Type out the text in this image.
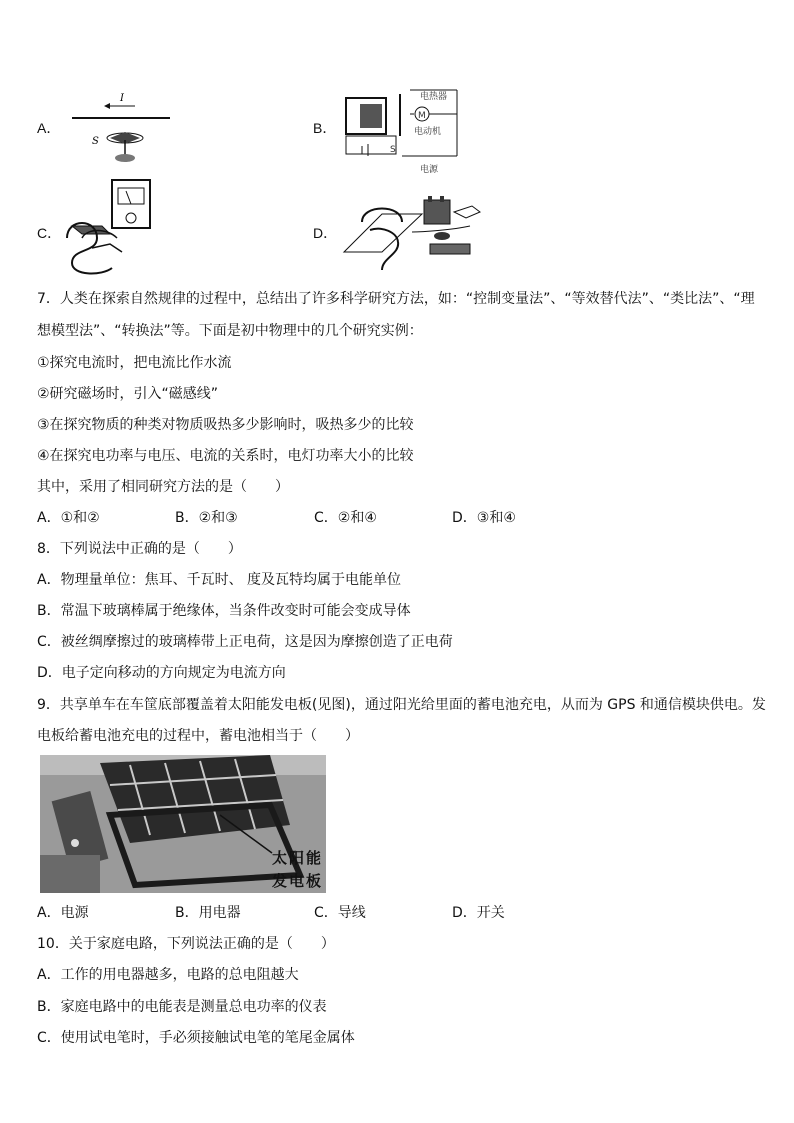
A．
I
S
B．
M
电热器
电动机
电源
S
C．	D．
7．人类在探索自然规律的过程中，总结出了许多科学研究方法，如：“控制变量法”、“等效替代法”、“类比法”、“理
想模型法”、“转换法”等。下面是初中物理中的几个研究实例：
①探究电流时，把电流比作水流
②研究磁场时，引入“磁感线”
③在探究物质的种类对物质吸热多少影响时，吸热多少的比较
④在探究电功率与电压、电流的关系时，电灯功率大小的比较
其中，采用了相同研究方法的是（　　）
A．①和②	B．②和③	C．②和④	D．③和④
8．下列说法中正确的是（　　）
A．物理量单位：焦耳、千瓦时、 度及瓦特均属于电能单位
B．常温下玻璃棒属于绝缘体，当条件改变时可能会变成导体
C．被丝绸摩擦过的玻璃棒带上正电荷，这是因为摩擦创造了正电荷
D．电子定向移动的方向规定为电流方向
9．共享单车在车筐底部覆盖着太阳能发电板(见图)，通过阳光给里面的蓄电池充电，从而为 GPS 和通信模块供电。发
电板给蓄电池充电的过程中，蓄电池相当于（　　）
太阳能
发电板
A．电源	B．用电器	C．导线	D．开关
10．关于家庭电路，下列说法正确的是（　　）
A．工作的用电器越多，电路的总电阻越大
B．家庭电路中的电能表是测量总电功率的仪表
C．使用试电笔时，手必须接触试电笔的笔尾金属体
